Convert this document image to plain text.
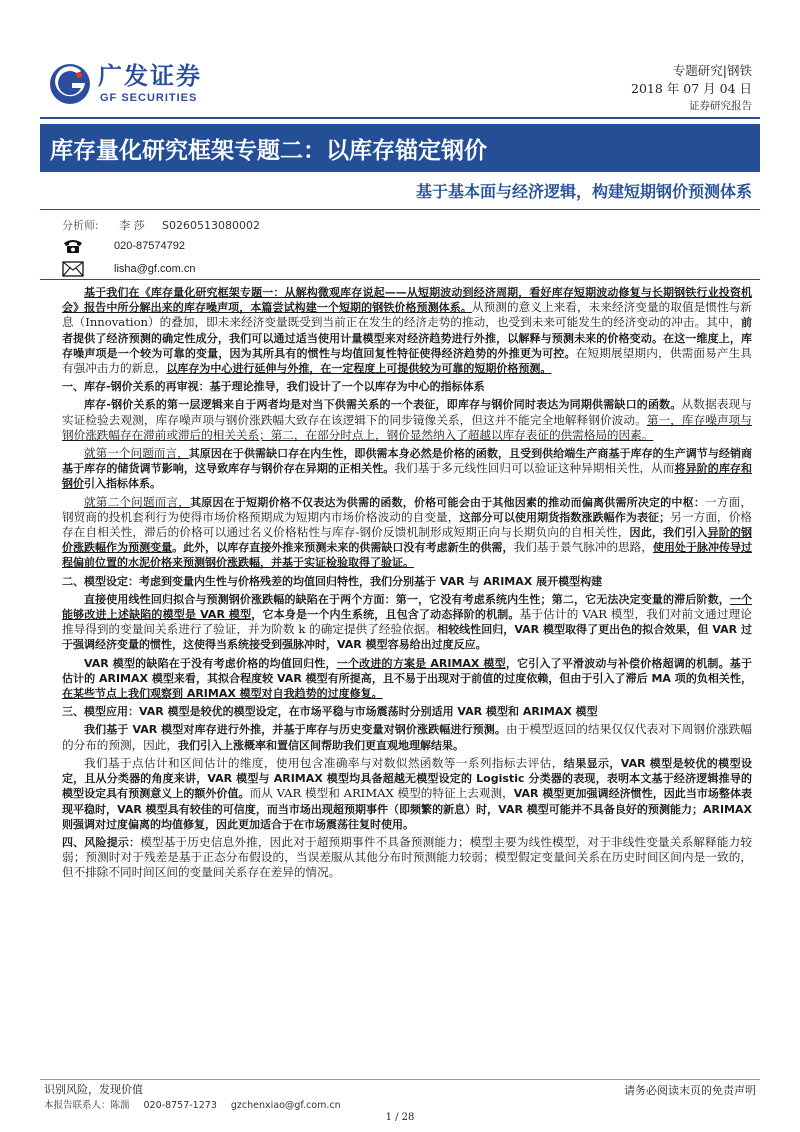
广发证券
GF SECURITIES
专题研究|钢铁
2018 年 07 月 04 日
证券研究报告
库存量化研究框架专题二：以库存锚定钢价
基于基本面与经济逻辑，构建短期钢价预测体系
分析师: 李 莎 S0260513080002
020-87574792
lisha@gf.com.cn

基于我们在《库存量化研究框架专题一：从解构微观库存说起——从短期波动到经济周期，看好库存短期波动修复与长期钢铁行业投资机会》报告中所分解出来的库存噪声项，本篇尝试构建一个短期的钢铁价格预测体系。从预测的意义上来看，未来经济变量的取值是惯性与新息（Innovation）的叠加，即未来经济变量既受到当前正在发生的经济走势的推动，也受到未来可能发生的经济变动的冲击。其中，前者提供了经济预测的确定性成分，我们可以通过适当使用计量模型来对经济趋势进行外推，以解释与预测未来的价格变动。在这一维度上，库存噪声项是一个较为可靠的变量，因为其所具有的惯性与均值回复性特征使得经济趋势的外推更为可控。在短期展望期内，供需面易产生具有强冲击力的新息，以库存为中心进行延伸与外推，在一定程度上可提供较为可靠的短期价格预测。

一、库存-钢价关系的再审视：基于理论推导，我们设计了一个以库存为中心的指标体系

库存-钢价关系的第一层逻辑来自于两者均是对当下供需关系的一个表征，即库存与钢价同时表达为同期供需缺口的函数。从数据表现与实证检验去观测，库存噪声项与钢价涨跌幅大致存在该逻辑下的同步镜像关系，但这并不能完全地解释钢价波动。第一，库存噪声项与钢价涨跌幅存在滞前或滞后的相关关系；第二，在部分时点上，钢价显然纳入了超越以库存表征的供需格局的因素。

就第一个问题而言，其原因在于供需缺口存在内生性，即供需本身必然是价格的函数，且受到供给端生产商基于库存的生产调节与经销商基于库存的储货调节影响，这导致库存与钢价存在异期的正相关性。我们基于多元线性回归可以验证这种异期相关性，从而将异阶的库存和钢价引入指标体系。

就第二个问题而言，其原因在于短期价格不仅表达为供需的函数，价格可能会由于其他因素的推动而偏离供需所决定的中枢：一方面，钢贸商的投机套利行为使得市场价格预期成为短期内市场价格波动的自变量，这部分可以使用期货指数涨跌幅作为表征；另一方面，价格存在自相关性，滞后的价格可以通过名义价格粘性与库存-钢价反馈机制形成短期正向与长期负向的自相关性，因此，我们引入异阶的钢价涨跌幅作为预测变量。此外，以库存直接外推来预测未来的供需缺口没有考虑新生的供需，我们基于景气脉冲的思路，使用处于脉冲传导过程偏前位置的水泥价格来预测钢价涨跌幅，并基于实证检验取得了验证。

二、模型设定：考虑到变量内生性与价格残差的均值回归特性，我们分别基于 VAR 与 ARIMAX 展开模型构建

直接使用线性回归拟合与预测钢价涨跌幅的缺陷在于两个方面：第一，它没有考虑系统内生性；第二，它无法决定变量的滞后阶数，一个能够改进上述缺陷的模型是 VAR 模型，它本身是一个内生系统，且包含了动态择阶的机制。基于估计的 VAR 模型，我们对前文通过理论推导得到的变量间关系进行了验证，并为阶数 k 的确定提供了经验依据。相较线性回归，VAR 模型取得了更出色的拟合效果，但 VAR 过于强调经济变量的惯性，这使得当系统接受到强脉冲时，VAR 模型容易给出过度反应。

VAR 模型的缺陷在于没有考虑价格的均值回归性，一个改进的方案是 ARIMAX 模型，它引入了平滑波动与补偿价格超调的机制。基于估计的 ARIMAX 模型来看，其拟合程度较 VAR 模型有所提高，且不易于出现对于前值的过度依赖，但由于引入了滞后 MA 项的负相关性，在某些节点上我们观察到 ARIMAX 模型对自我趋势的过度修复。

三、模型应用：VAR 模型是较优的模型设定，在市场平稳与市场震荡时分别适用 VAR 模型和 ARIMAX 模型

我们基于 VAR 模型对库存进行外推，并基于库存与历史变量对钢价涨跌幅进行预测。由于模型返回的结果仅仅代表对下周钢价涨跌幅的分布的预测，因此，我们引入上涨概率和置信区间帮助我们更直观地理解结果。

我们基于点估计和区间估计的维度，使用包含准确率与对数似然函数等一系列指标去评估，结果显示，VAR 模型是较优的模型设定，且从分类器的角度来讲，VAR 模型与 ARIMAX 模型均具备超越无模型设定的 Logistic 分类器的表现，表明本文基于经济逻辑推导的模型设定具有预测意义上的额外价值。而从 VAR 模型和 ARIMAX 模型的特征上去观测，VAR 模型更加强调经济惯性，因此当市场整体表现平稳时，VAR 模型具有较佳的可信度，而当市场出现超预期事件（即频繁的新息）时，VAR 模型可能并不具备良好的预测能力；ARIMAX 则强调对过度偏离的均值修复，因此更加适合于在市场震荡往复时使用。

四、风险提示：模型基于历史信息外推，因此对于超预期事件不具备预测能力；模型主要为线性模型，对于非线性变量关系解释能力较弱；预测时对于残差是基于正态分布假设的，当误差服从其他分布时预测能力较弱；模型假定变量间关系在历史时间区间内是一致的，但不排除不同时间区间的变量间关系存在差异的情况。

识别风险，发现价值
本报告联系人：陈湍 020-8757-1273 gzchenxiao@gf.com.cn
请务必阅读末页的免责声明
1 / 28
